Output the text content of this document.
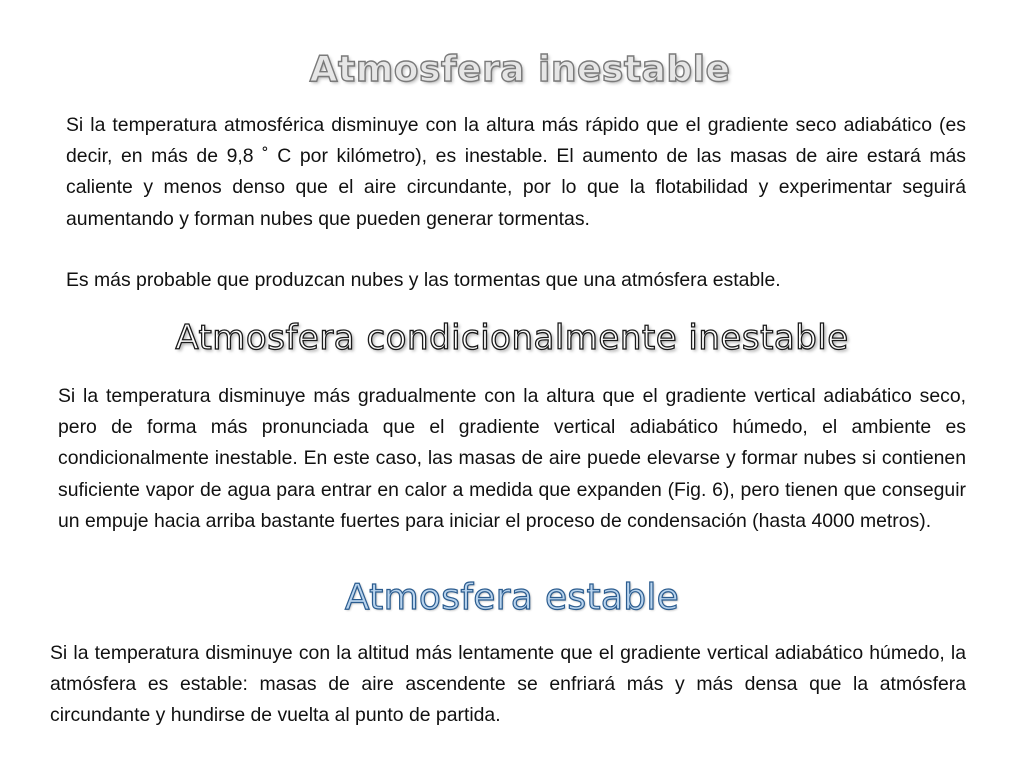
Atmosfera inestable

Si la temperatura atmosférica disminuye con la altura más rápido que el gradiente seco adiabático (es decir, en más de 9,8 ˚ C por kilómetro), es inestable. El aumento de las masas de aire estará más caliente y menos denso que el aire circundante, por lo que la flotabilidad y experimentar seguirá aumentando y forman nubes que pueden generar tormentas.

Es más probable que produzcan nubes y las tormentas que una atmósfera estable.

Atmosfera condicionalmente inestable

Si la temperatura disminuye más gradualmente con la altura que el gradiente vertical adiabático seco, pero de forma más pronunciada que el gradiente vertical adiabático húmedo, el ambiente es condicionalmente inestable. En este caso, las masas de aire puede elevarse y formar nubes si contienen suficiente vapor de agua para entrar en calor a medida que expanden (Fig. 6), pero tienen que conseguir un empuje hacia arriba bastante fuertes para iniciar el proceso de condensación (hasta 4000 metros).

Atmosfera estable

Si la temperatura disminuye con la altitud más lentamente que el gradiente vertical adiabático húmedo, la atmósfera es estable: masas de aire ascendente se enfriará más y más densa que la atmósfera circundante y hundirse de vuelta al punto de partida.
